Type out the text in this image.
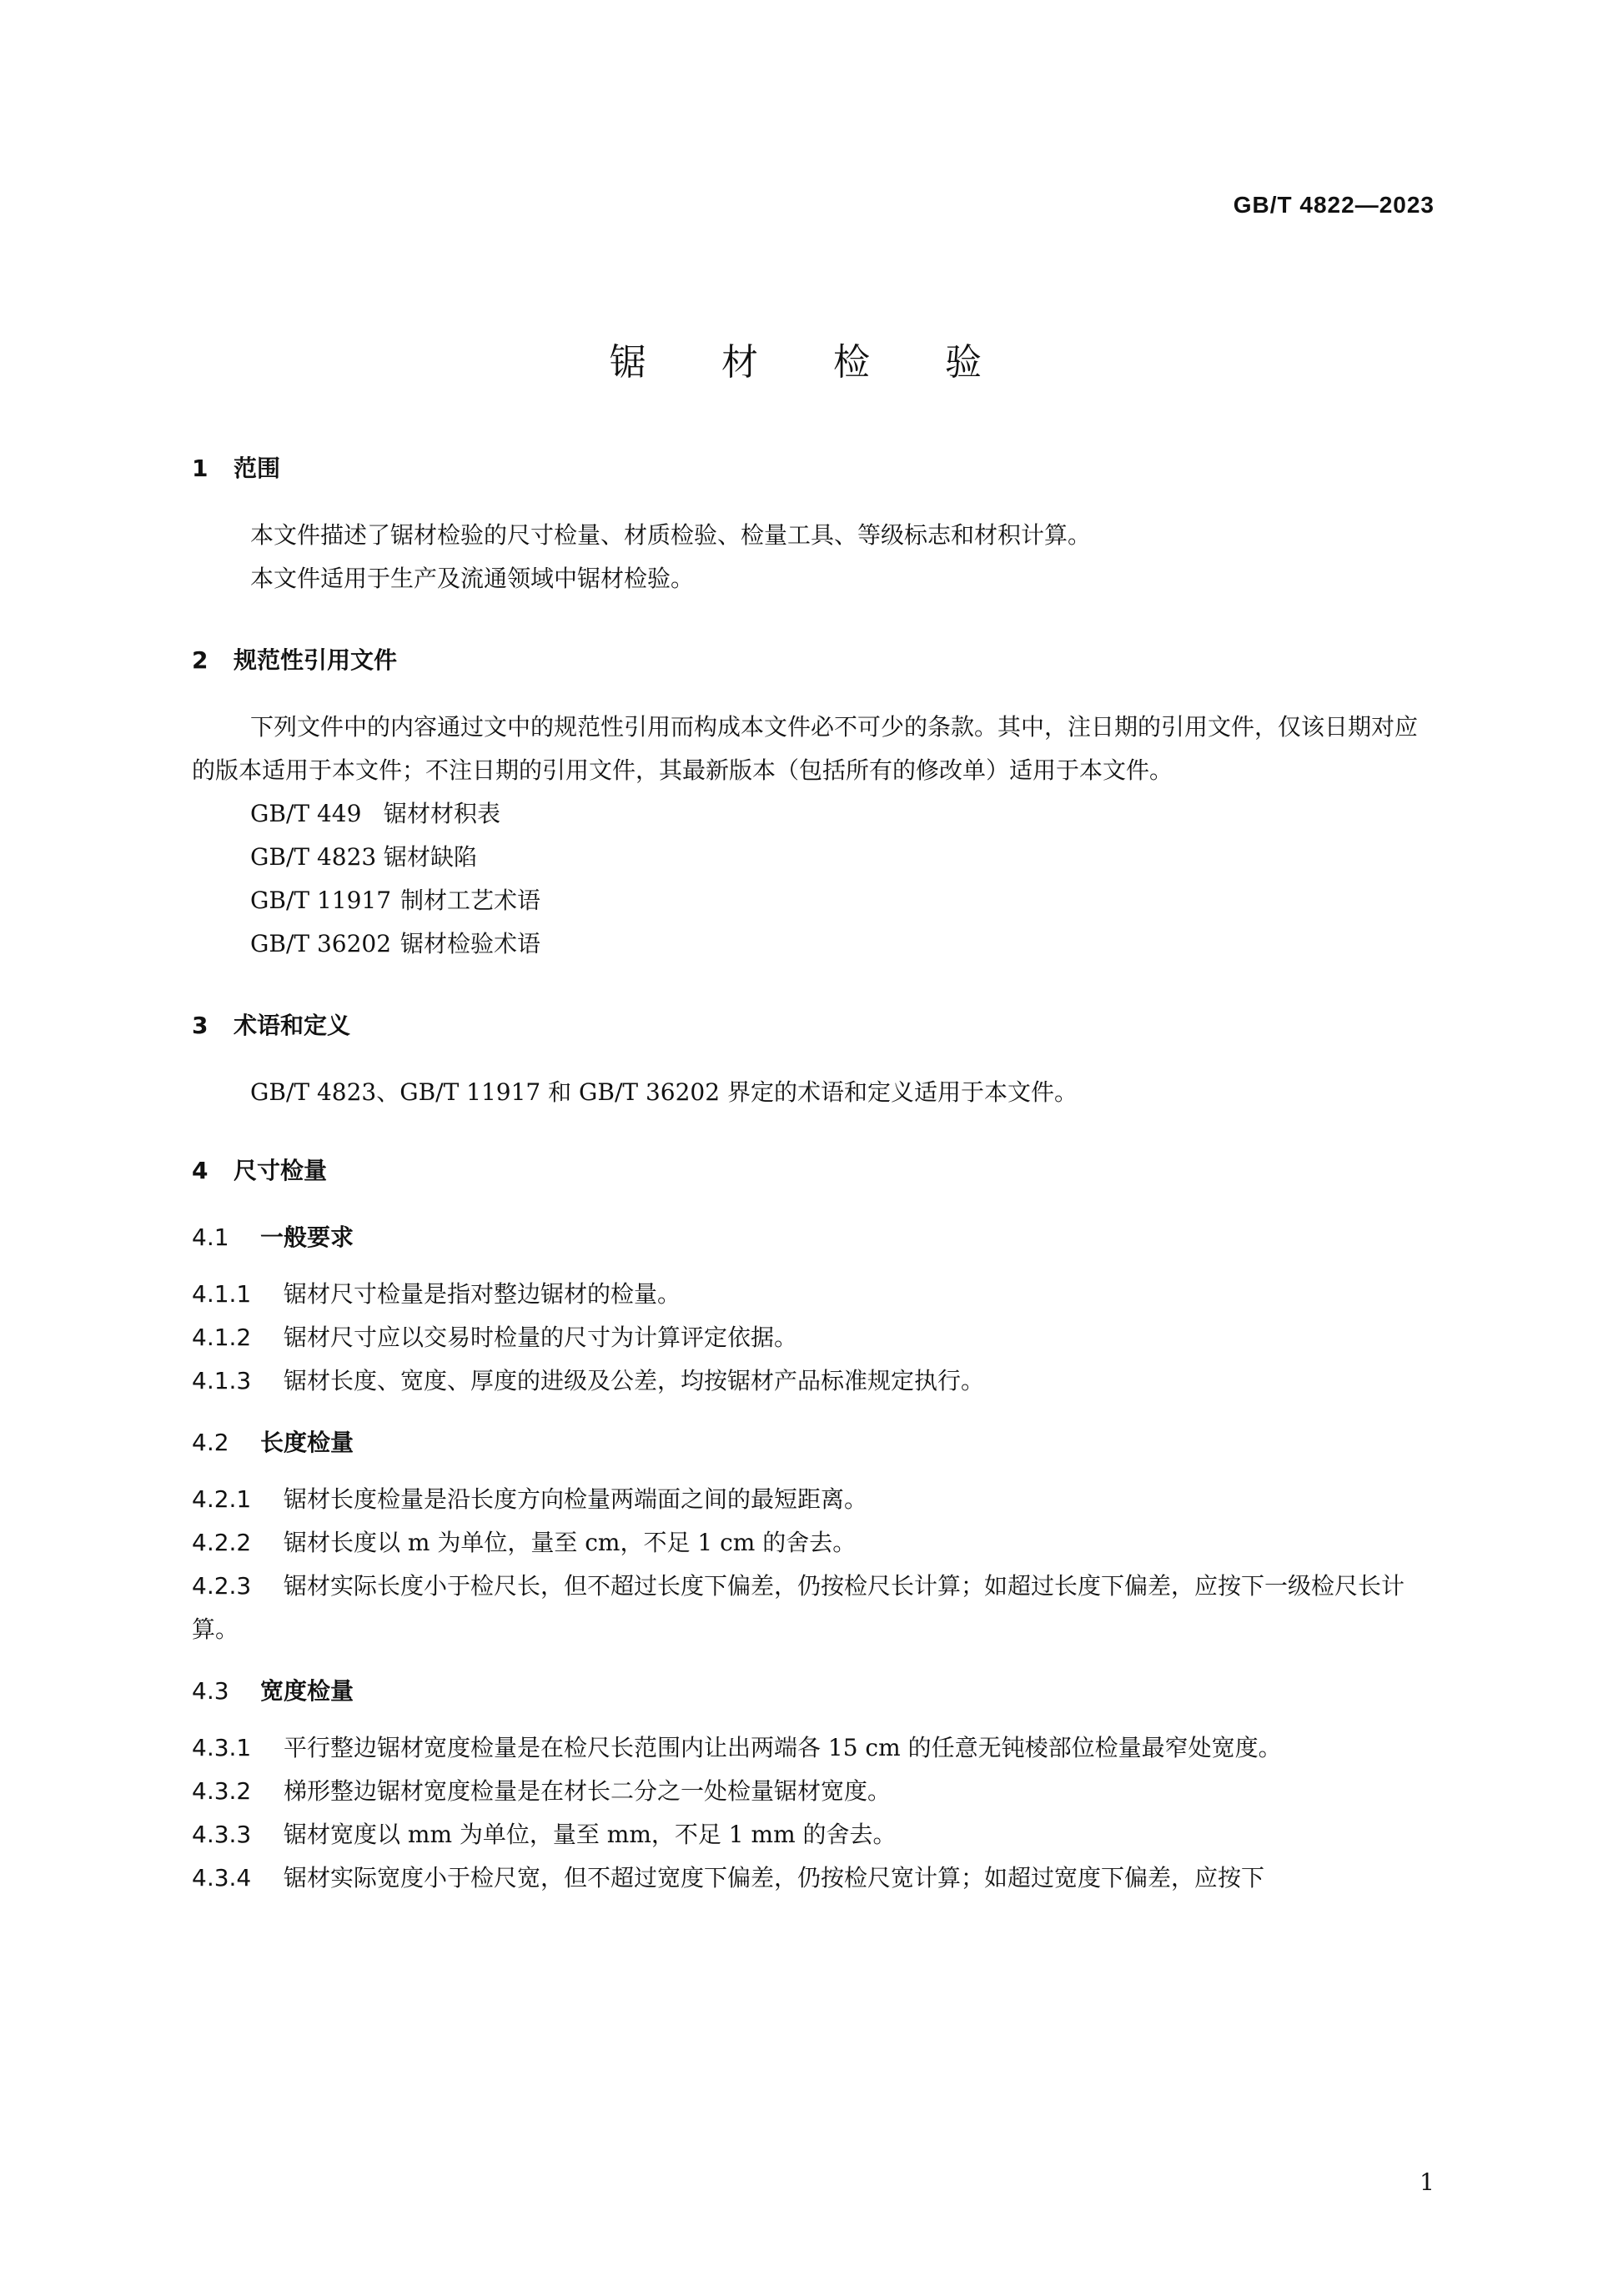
GB/T 4822—2023
锯 材 检 验
1 范围

本文件描述了锯材检验的尺寸检量、材质检验、检量工具、等级标志和材积计算。

本文件适用于生产及流通领域中锯材检验。

2 规范性引用文件

下列文件中的内容通过文中的规范性引用而构成本文件必不可少的条款。其中，注日期的引用文件，仅该日期对应的版本适用于本文件；不注日期的引用文件，其最新版本（包括所有的修改单）适用于本文件。

GB/T 449 锯材材积表

GB/T 4823 锯材缺陷

GB/T 11917 制材工艺术语

GB/T 36202 锯材检验术语

3 术语和定义

GB/T 4823、GB/T 11917 和 GB/T 36202 界定的术语和定义适用于本文件。

4 尺寸检量
4.1 一般要求

4.1.1 锯材尺寸检量是指对整边锯材的检量。

4.1.2 锯材尺寸应以交易时检量的尺寸为计算评定依据。

4.1.3 锯材长度、宽度、厚度的进级及公差，均按锯材产品标准规定执行。

4.2 长度检量

4.2.1 锯材长度检量是沿长度方向检量两端面之间的最短距离。

4.2.2 锯材长度以 m 为单位，量至 cm，不足 1 cm 的舍去。

4.2.3 锯材实际长度小于检尺长，但不超过长度下偏差，仍按检尺长计算；如超过长度下偏差，应按下一级检尺长计算。

4.3 宽度检量

4.3.1 平行整边锯材宽度检量是在检尺长范围内让出两端各 15 cm 的任意无钝棱部位检量最窄处宽度。

4.3.2 梯形整边锯材宽度检量是在材长二分之一处检量锯材宽度。

4.3.3 锯材宽度以 mm 为单位，量至 mm，不足 1 mm 的舍去。

4.3.4 锯材实际宽度小于检尺宽，但不超过宽度下偏差，仍按检尺宽计算；如超过宽度下偏差，应按下

1
